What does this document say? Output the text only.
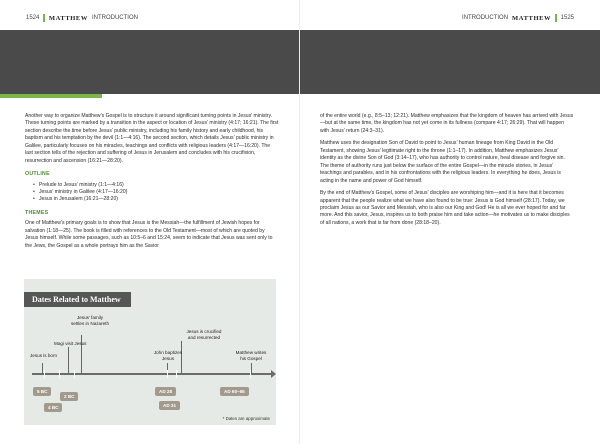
1524 MATTHEW INTRODUCTION

Another way to organize Matthew’s Gospel is to structure it around significant turning points in Jesus’ ministry. These turning points are marked by a transition in the aspect or location of Jesus’ ministry (4:17; 16:21). The first section describe the time before Jesus’ public ministry, including his family history and early childhood, his baptism and his temptation by the devil (1:1—4:16). The second section, which details Jesus’ public ministry in Galilee, particularly focuses on his miracles, teachings and conflicts with religious leaders (4:17—16:20). The last section tells of the rejection and suffering of Jesus in Jerusalem and concludes with his crucifixion, resurrection and ascension (16:21—28:20).

OUTLINE
• Prelude to Jesus’ ministry (1:1—4:16)
• Jesus’ ministry in Galilee (4:17—16:20)
• Jesus in Jerusalem (16:21—28:20)
THEMES

One of Matthew’s primary goals is to show that Jesus is the Messiah—the fulfillment of Jewish hopes for salvation (1:18—25). The book is filled with references to the Old Testament—most of which are quoted by Jesus himself. While some passages, such as 10:5–6 and 15:24, seem to indicate that Jesus was sent only to the Jews, the Gospel as a whole portrays him as the Savior

Dates Related to Matthew
Jesus is born
Magi visit Jesus
Jesus’ family
settles in Nazareth
John baptizes
Jesus
Jesus is crucified
and resurrected
Matthew writes
his Gospel
5 BC
2 BC
4 BC
AD 28
AD 31
AD 60–65
* Dates are approximate
INTRODUCTION MATTHEW 1525

of the entire world (e.g., 8:5–13; 12:21). Matthew emphasizes that the kingdom of heaven has arrived with Jesus—but at the same time, the kingdom has not yet come in its fullness (compare 4:17; 26:29). That will happen with Jesus’ return (24:3–31).

Matthew uses the designation Son of David to point to Jesus’ human lineage from King David in the Old Testament, showing Jesus’ legitimate right to the throne (1:1–17). In addition, Matthew emphasizes Jesus’ identity as the divine Son of God (3:14–17), who has authority to control nature, heal disease and forgive sin. The theme of authority runs just below the surface of the entire Gospel—in the miracle stories, in Jesus’ teachings and parables, and in his confrontations with the religious leaders. In everything he does, Jesus is acting in the name and power of God himself.

By the end of Matthew’s Gospel, some of Jesus’ disciples are worshiping him—and it is here that it becomes apparent that the people realize what we have also found to be true: Jesus is God himself (28:17). Today, we proclaim Jesus as our Savior and Messiah, who is also our King and God! He is all we ever hoped for and far more. And this savior, Jesus, inspires us to both praise him and take action—he motivates us to make disciples of all nations, a work that is far from done (28:18–20).
